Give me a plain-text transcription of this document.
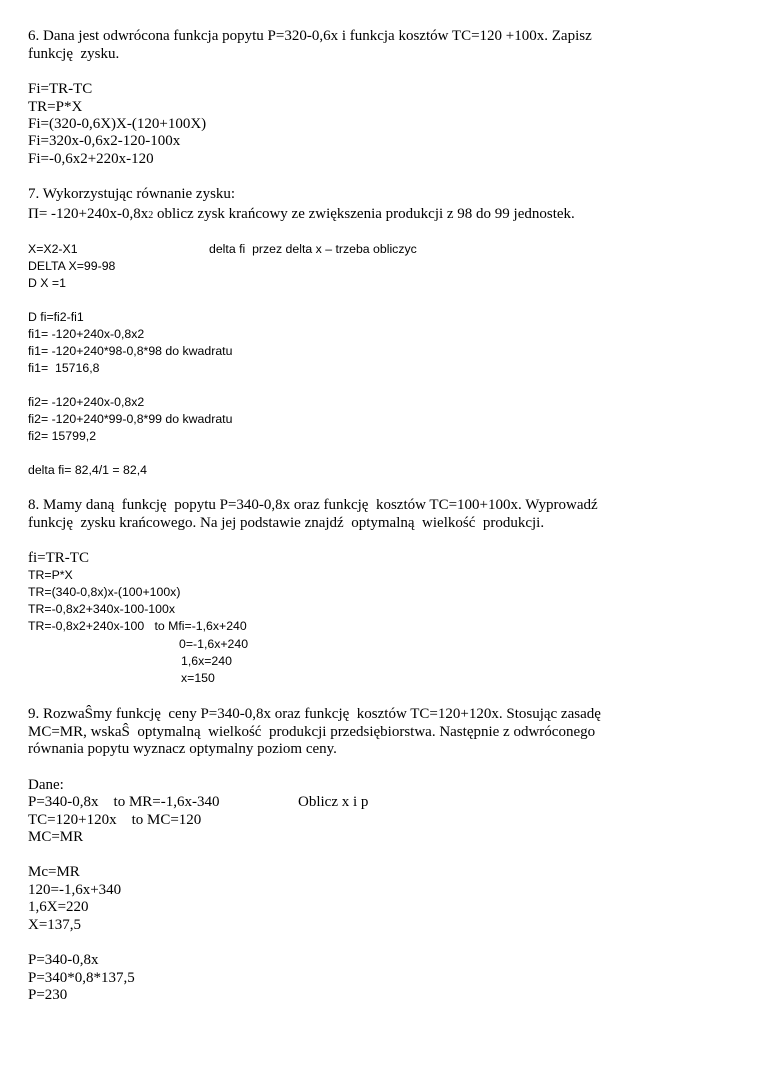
6. Dana jest odwrócona funkcja popytu P=320-0,6x i funkcja kosztów TC=120 +100x. Zapisz
funkcję  zysku.
Fi=TR-TC
TR=P*X
Fi=(320-0,6X)X-(120+100X)
Fi=320x-0,6x2-120-100x
Fi=-0,6x2+220x-120
7. Wykorzystując równanie zysku:
Π= -120+240x-0,8x2 oblicz zysk krańcowy ze zwiększenia produkcji z 98 do 99 jednostek.
X=X2-X1	delta fi  przez delta x – trzeba obliczyc
DELTA X=99-98
D X =1
D fi=fi2-fi1
fi1= -120+240x-0,8x2
fi1= -120+240*98-0,8*98 do kwadratu
fi1=  15716,8
fi2= -120+240x-0,8x2
fi2= -120+240*99-0,8*99 do kwadratu
fi2= 15799,2
delta fi= 82,4/1 = 82,4
8. Mamy daną  funkcję  popytu P=340-0,8x oraz funkcję  kosztów TC=100+100x. Wyprowadź
funkcję  zysku krańcowego. Na jej podstawie znajdź  optymalną  wielkość  produkcji.
fi=TR-TC
TR=P*X
TR=(340-0,8x)x-(100+100x)
TR=-0,8x2+340x-100-100x
TR=-0,8x2+240x-100   to Mfi=-1,6x+240
0=-1,6x+240
1,6x=240
x=150
9. RozwaŜmy funkcję  ceny P=340-0,8x oraz funkcję  kosztów TC=120+120x. Stosując zasadę
MC=MR, wskaŜ  optymalną  wielkość  produkcji przedsiębiorstwa. Następnie z odwróconego
równania popytu wyznacz optymalny poziom ceny.
Dane:
P=340-0,8x    to MR=-1,6x-340	Oblicz x i p
TC=120+120x    to MC=120
MC=MR
Mc=MR
120=-1,6x+340
1,6X=220
X=137,5
P=340-0,8x
P=340*0,8*137,5
P=230
